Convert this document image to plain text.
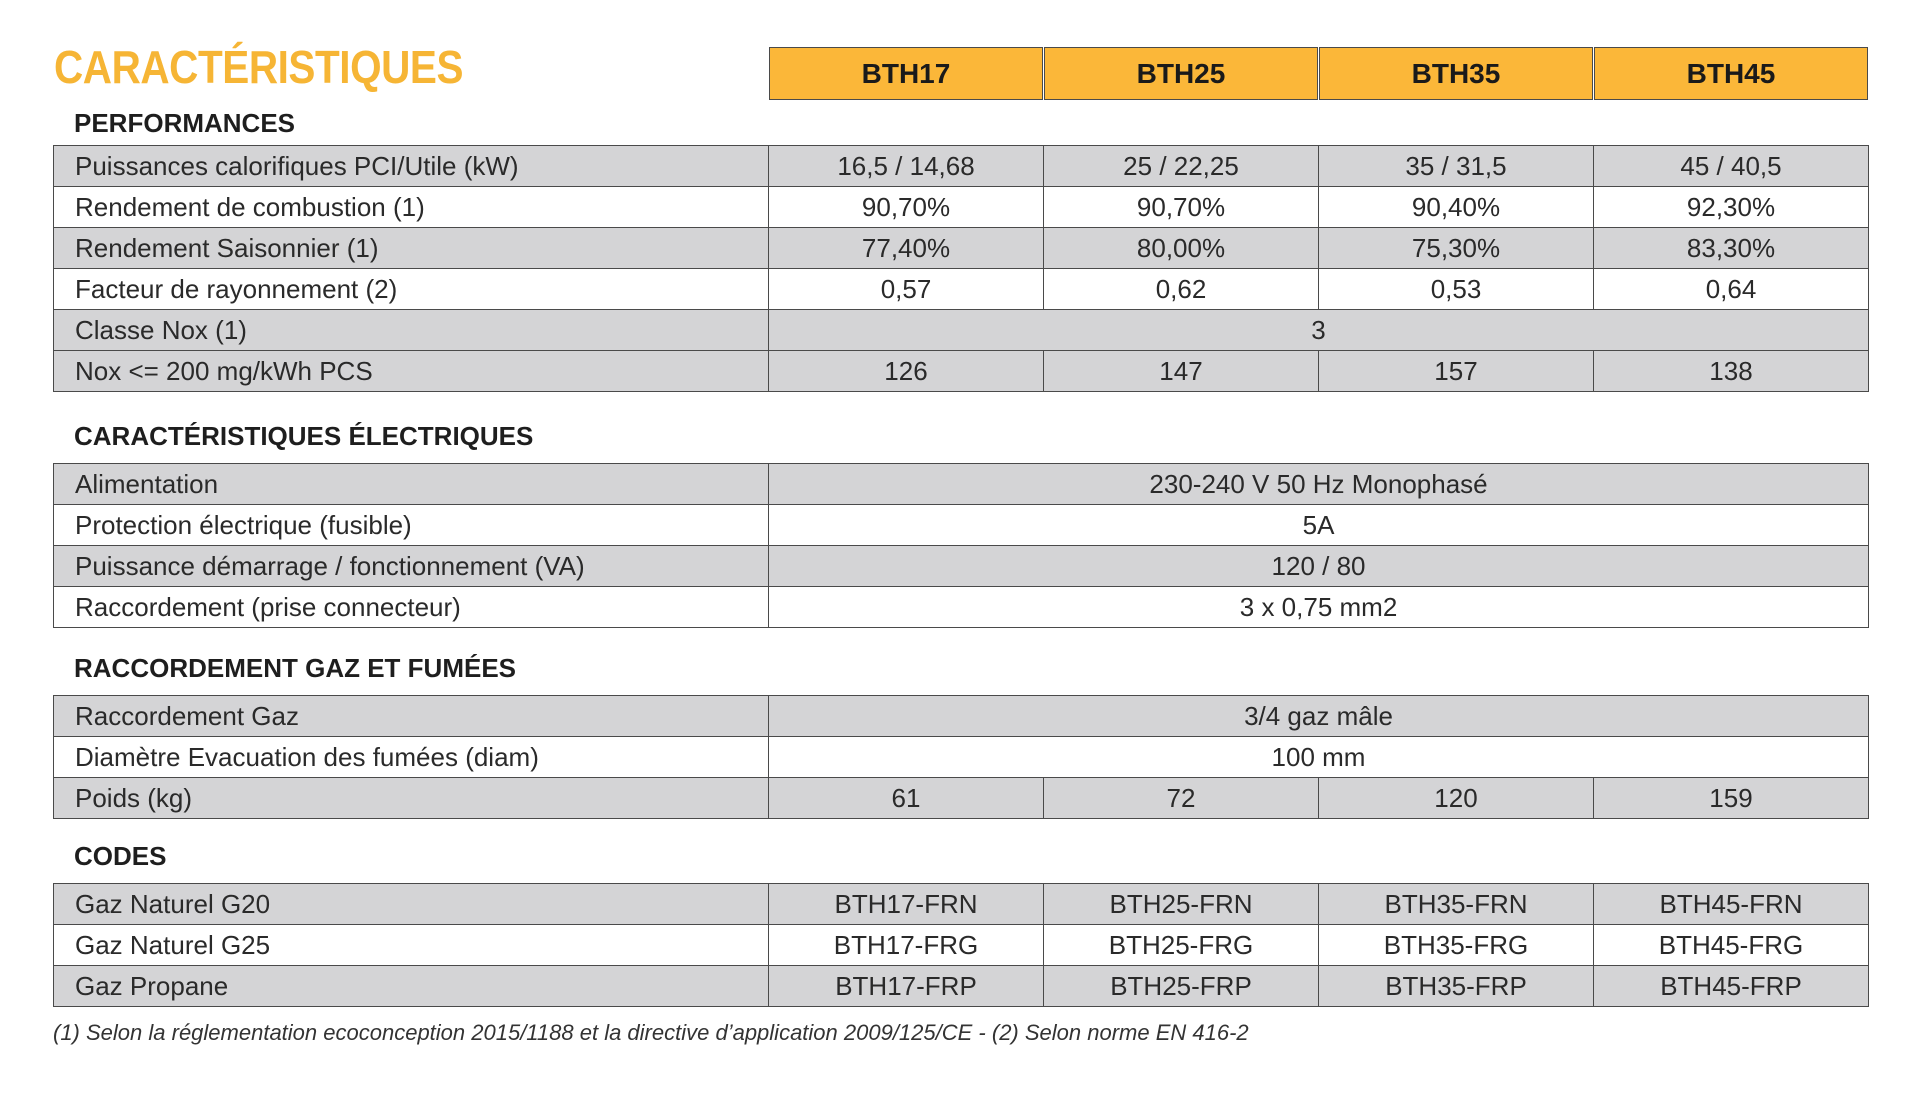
CARACTÉRISTIQUES	BTH17	BTH25	BTH35	BTH45
PERFORMANCES
Puissances calorifiques PCI/Utile (kW)	16,5 / 14,68	25 / 22,25	35 / 31,5	45 / 40,5
Rendement de combustion (1)	90,70%	90,70%	90,40%	92,30%
Rendement Saisonnier (1)	77,40%	80,00%	75,30%	83,30%
Facteur de rayonnement (2)	0,57	0,62	0,53	0,64
Classe Nox (1)	3			
Nox <= 200 mg/kWh PCS	126	147	157	138
CARACTÉRISTIQUES ÉLECTRIQUES
Alimentation	230-240 V 50 Hz Monophasé
Protection électrique (fusible)	5A
Puissance démarrage / fonctionnement (VA)	120 / 80
Raccordement (prise connecteur)	3 x 0,75 mm2
RACCORDEMENT GAZ ET FUMÉES
Raccordement Gaz	3/4 gaz mâle			
Diamètre Evacuation des fumées (diam)	100 mm			
Poids (kg)	61	72	120	159
CODES
Gaz Naturel G20	BTH17-FRN	BTH25-FRN	BTH35-FRN	BTH45-FRN
Gaz Naturel G25	BTH17-FRG	BTH25-FRG	BTH35-FRG	BTH45-FRG
Gaz Propane	BTH17-FRP	BTH25-FRP	BTH35-FRP	BTH45-FRP

(1) Selon la réglementation ecoconception 2015/1188 et la directive d’application 2009/125/CE - (2) Selon norme EN 416-2
